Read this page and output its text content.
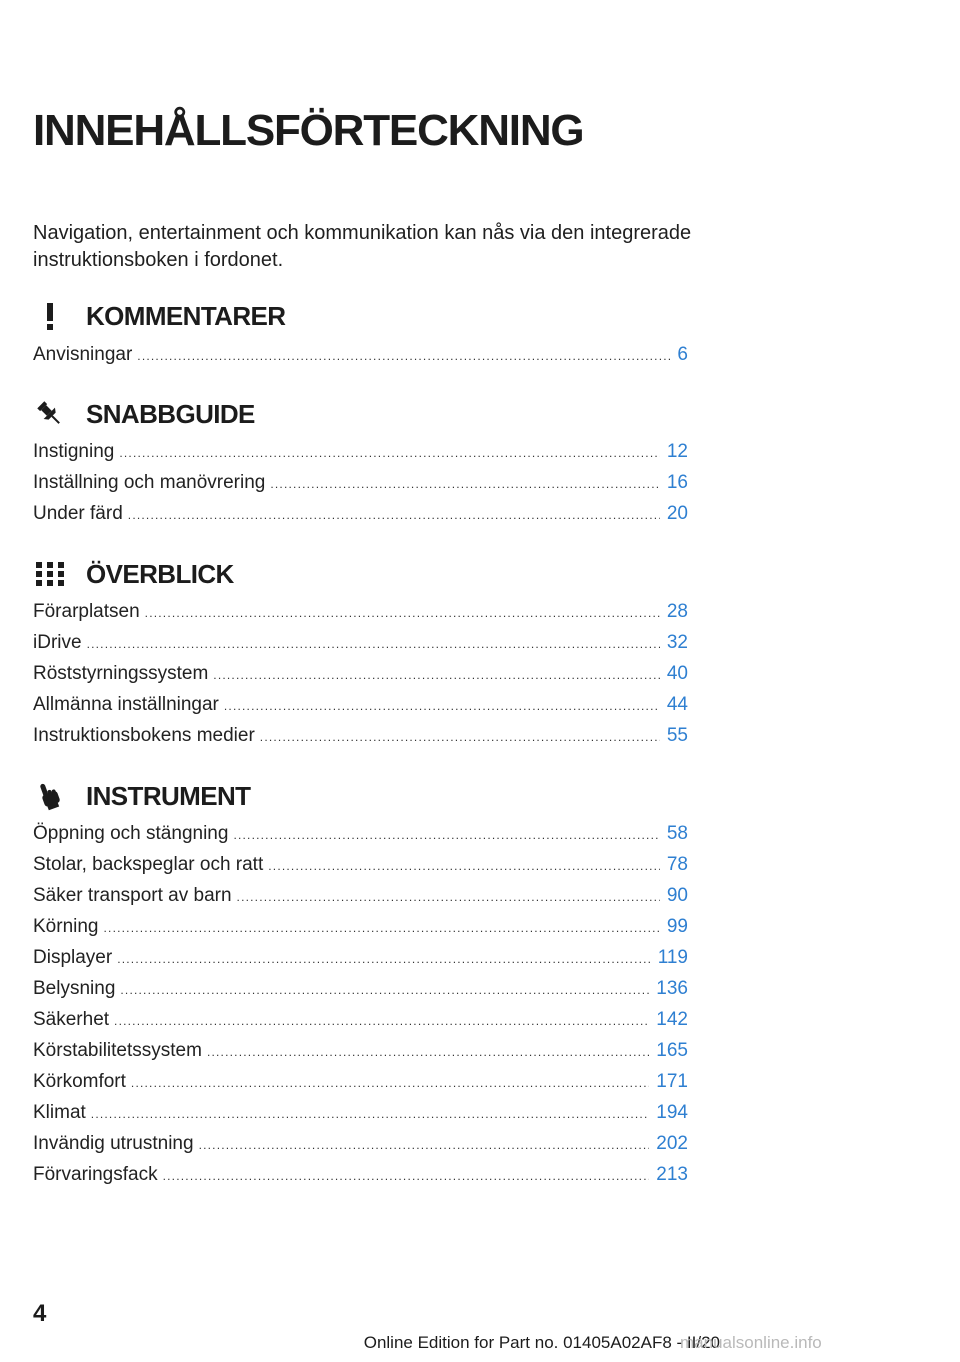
INNEHÅLLSFÖRTECKNING

Navigation, entertainment och kommunikation kan nås via den integrerade instruktionsboken i fordonet.

KOMMENTARER
Anvisningar .....	6
SNABBGUIDE
Instigning .....	12
Inställning och manövrering .....	16
Under färd .....	20
ÖVERBLICK
Förarplatsen .....	28
iDrive .....	32
Röststyrningssystem .....	40
Allmänna inställningar .....	44
Instruktionsbokens medier .....	55
INSTRUMENT
Öppning och stängning .....	58
Stolar, backspeglar och ratt .....	78
Säker transport av barn .....	90
Körning .....	99
Displayer .....	119
Belysning .....	136
Säkerhet .....	142
Körstabilitetssystem .....	165
Körkomfort .....	171
Klimat .....	194
Invändig utrustning .....	202
Förvaringsfack .....	213
4
Online Edition for Part no. 01405A02AF8 - II/20
manualsonline.info
